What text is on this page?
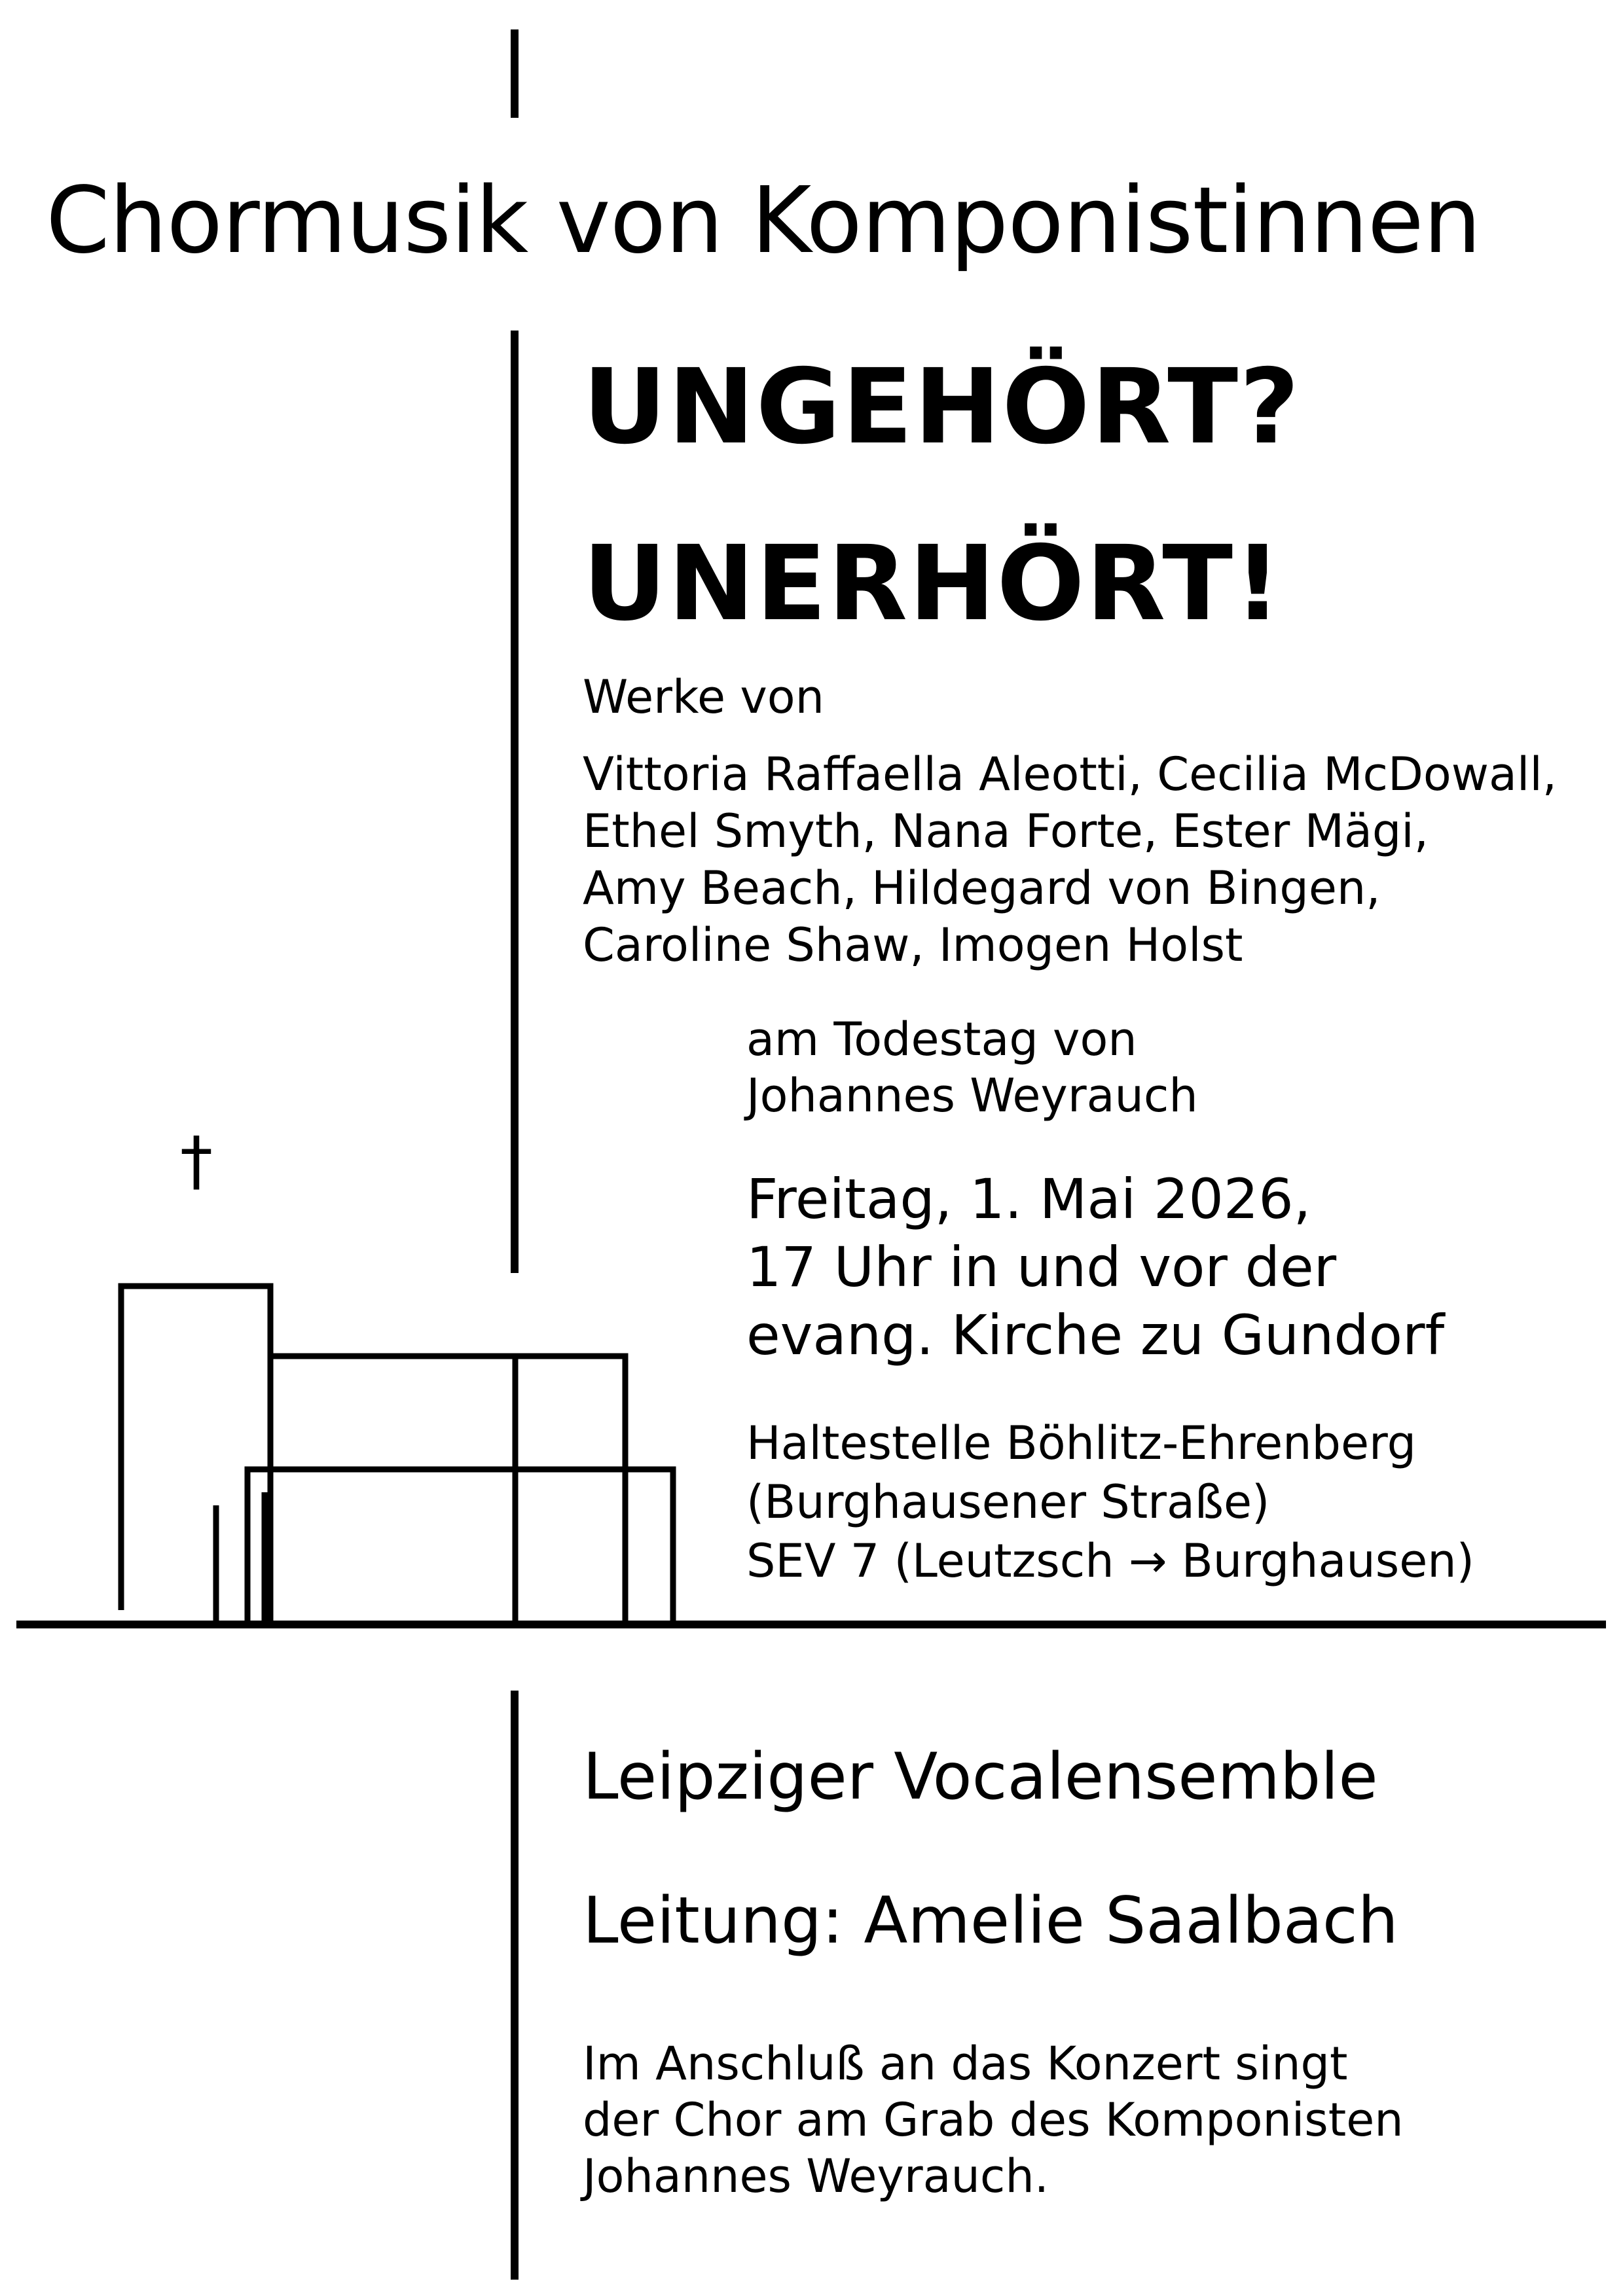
Chormusik von Komponistinnen
UNGEHÖRT?
UNERHÖRT!
Werke von
Vittoria Raffaella Aleotti, Cecilia McDowall,
Ethel Smyth, Nana Forte, Ester Mägi,
Amy Beach, Hildegard von Bingen,
Caroline Shaw, Imogen Holst
am Todestag von
Johannes Weyrauch
Freitag, 1. Mai 2026,
17 Uhr in und vor der
evang. Kirche zu Gundorf
Haltestelle Böhlitz-Ehrenberg
(Burghausener Straße)
SEV 7 (Leutzsch → Burghausen)
†
Leipziger Vocalensemble
Leitung: Amelie Saalbach
Im Anschluß an das Konzert singt
der Chor am Grab des Komponisten
Johannes Weyrauch.
